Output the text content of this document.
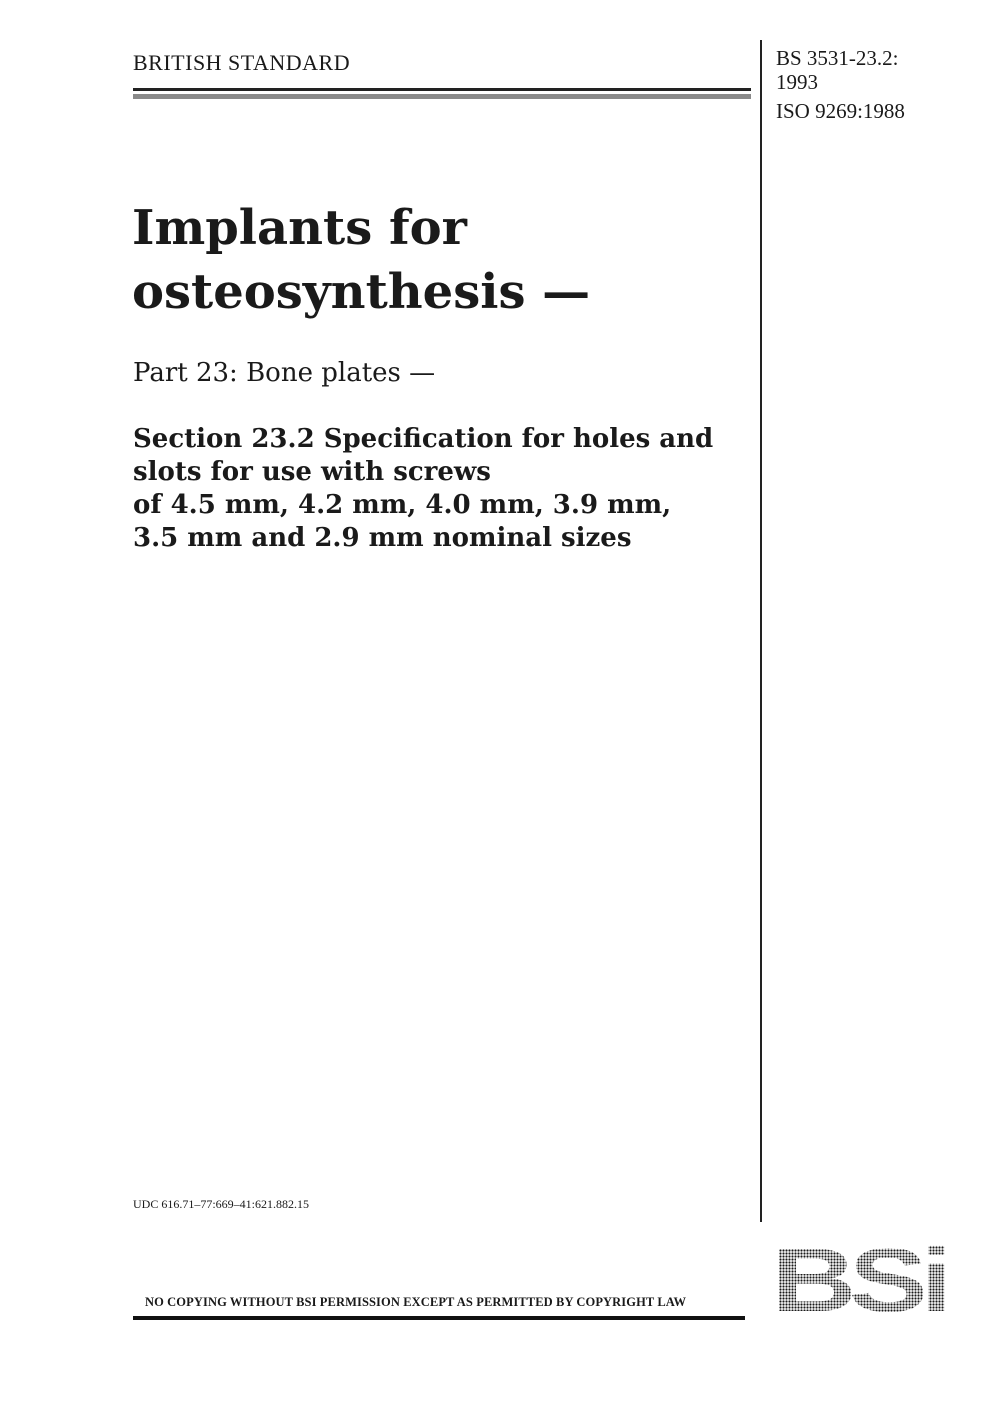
BRITISH STANDARD	BS 3531-23.2:
1993
ISO 9269:1988
Implants for
osteosynthesis —
Part 23: Bone plates —
Section 23.2 Specification for holes and
slots for use with screws
of 4.5 mm, 4.2 mm, 4.0 mm, 3.9 mm,
3.5 mm and 2.9 mm nominal sizes
UDC 616.71–77:669–41:621.882.15
NO COPYING WITHOUT BSI PERMISSION EXCEPT AS PERMITTED BY COPYRIGHT LAW BSi
